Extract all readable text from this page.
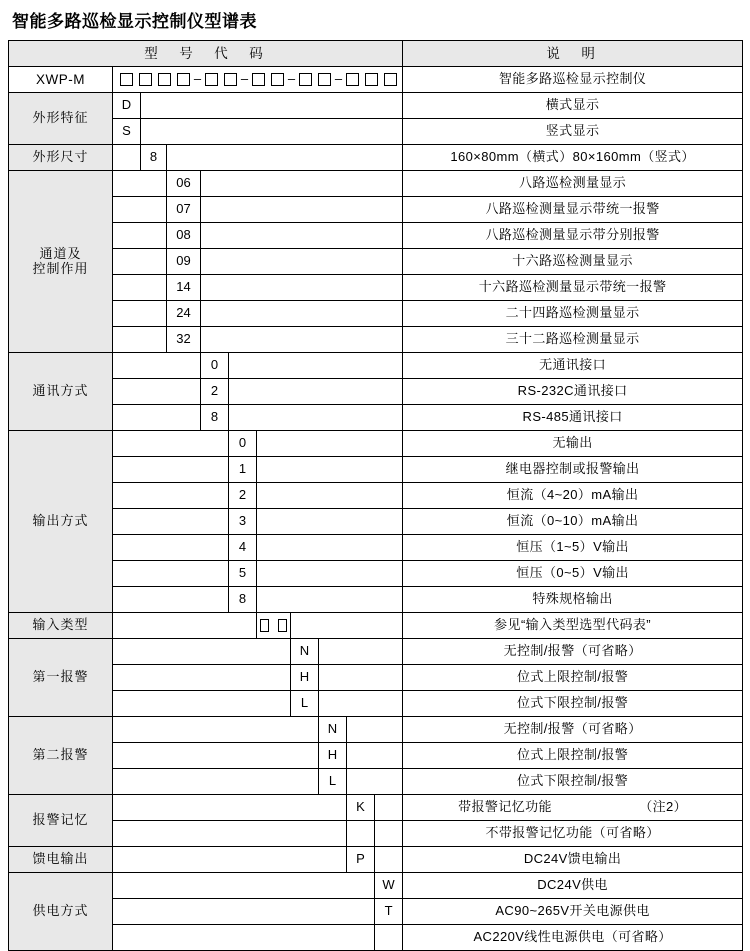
智能多路巡检显示控制仪型谱表
型　号　代　码											说　明
XWP-M	– – – –										智能多路巡检显示控制仪
外形特征	D										横式显示
	S										竖式显示
外形尺寸		8									160×80mm（横式）80×160mm（竖式）
通道及
控制作用			06								八路巡检测量显示
			07								八路巡检测量显示带统一报警
			08								八路巡检测量显示带分别报警
			09								十六路巡检测量显示
			14								十六路巡检测量显示带统一报警
			24								二十四路巡检测量显示
			32								三十二路巡检测量显示
通讯方式				0							无通讯接口
				2							RS-232C通讯接口
				8							RS-485通讯接口
输出方式					0						无输出
					1						继电器控制或报警输出
					2						恒流（4~20）mA输出
					3						恒流（0~10）mA输出
					4						恒压（1~5）V输出
					5						恒压（0~5）V输出
					8						特殊规格输出
输入类型											参见“输入类型选型代码表”
第一报警							N				无控制/报警（可省略）
							H				位式上限控制/报警
							L				位式下限控制/报警
第二报警								N			无控制/报警（可省略）
								H			位式上限控制/报警
								L			位式下限控制/报警
报警记忆									K		带报警记忆功能　　　　　　　（注2）
											不带报警记忆功能（可省略）
馈电输出									P		DC24V馈电输出
供电方式										W	DC24V供电
										T	AC90~265V开关电源供电
											AC220V线性电源供电（可省略）
